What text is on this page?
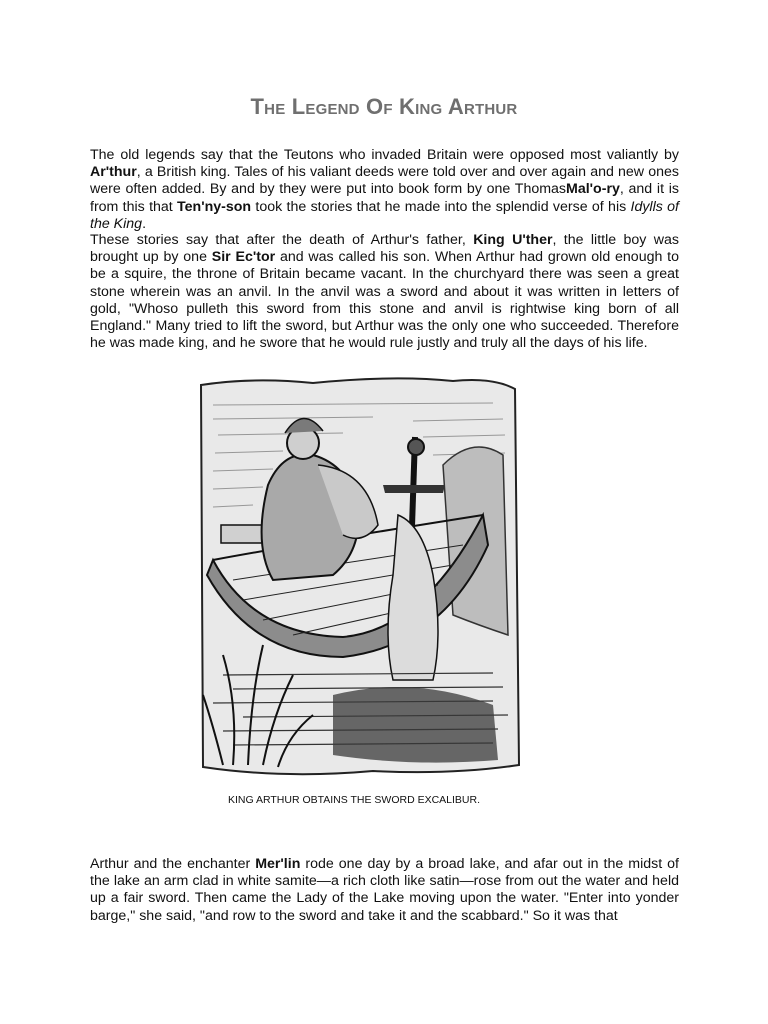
The Legend Of King Arthur

The old legends say that the Teutons who invaded Britain were opposed most valiantly by Ar'thur, a British king. Tales of his valiant deeds were told over and over again and new ones were often added. By and by they were put into book form by one ThomasMal'o-ry, and it is from this that Ten'ny-son took the stories that he made into the splendid verse of his Idylls of the King.

These stories say that after the death of Arthur's father, King U'ther, the little boy was brought up by one Sir Ec'tor and was called his son. When Arthur had grown old enough to be a squire, the throne of Britain became vacant. In the churchyard there was seen a great stone wherein was an anvil. In the anvil was a sword and about it was written in letters of gold, "Whoso pulleth this sword from this stone and anvil is rightwise king born of all England." Many tried to lift the sword, but Arthur was the only one who succeeded. Therefore he was made king, and he swore that he would rule justly and truly all the days of his life.

KING ARTHUR OBTAINS THE SWORD EXCALIBUR.

Arthur and the enchanter Mer'lin rode one day by a broad lake, and afar out in the midst of the lake an arm clad in white samite—a rich cloth like satin—rose from out the water and held up a fair sword. Then came the Lady of the Lake moving upon the water. "Enter into yonder barge," she said, "and row to the sword and take it and the scabbard." So it was that
